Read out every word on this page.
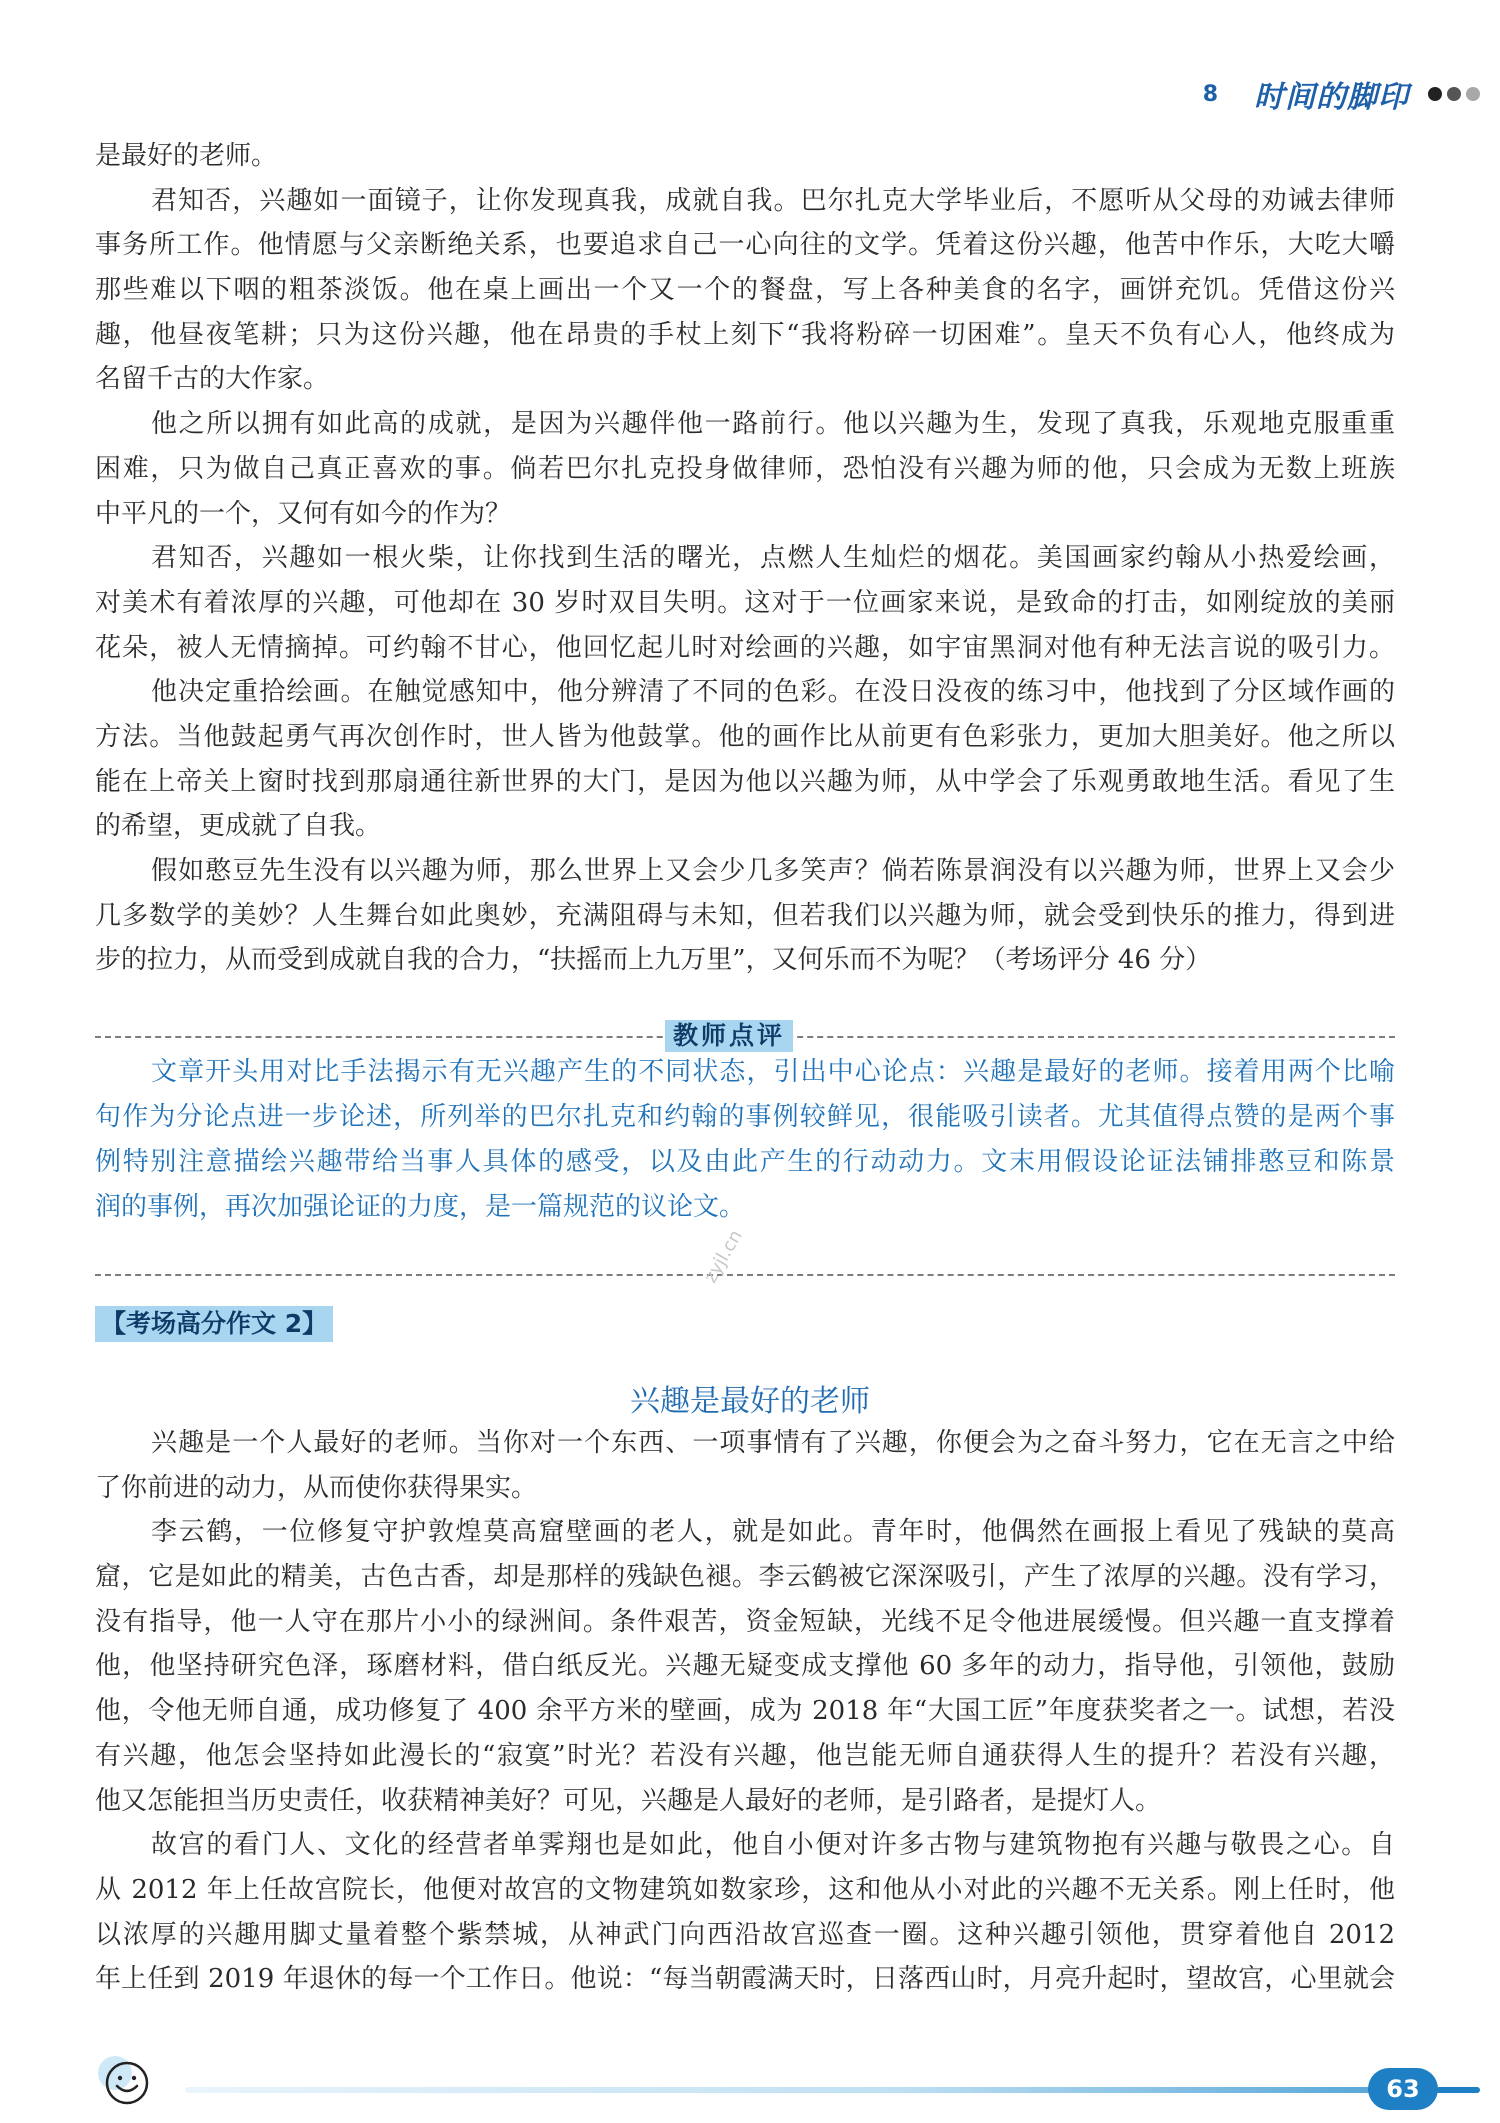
8 时间的脚印
是最好的老师。
君知否，兴趣如一面镜子，让你发现真我，成就自我。巴尔扎克大学毕业后，不愿听从父母的劝诫去律师
事务所工作。他情愿与父亲断绝关系，也要追求自己一心向往的文学。凭着这份兴趣，他苦中作乐，大吃大嚼
那些难以下咽的粗茶淡饭。他在桌上画出一个又一个的餐盘，写上各种美食的名字，画饼充饥。凭借这份兴
趣，他昼夜笔耕；只为这份兴趣，他在昂贵的手杖上刻下“我将粉碎一切困难”。皇天不负有心人，他终成为
名留千古的大作家。
他之所以拥有如此高的成就，是因为兴趣伴他一路前行。他以兴趣为生，发现了真我，乐观地克服重重
困难，只为做自己真正喜欢的事。倘若巴尔扎克投身做律师，恐怕没有兴趣为师的他，只会成为无数上班族
中平凡的一个，又何有如今的作为？
君知否，兴趣如一根火柴，让你找到生活的曙光，点燃人生灿烂的烟花。美国画家约翰从小热爱绘画，
对美术有着浓厚的兴趣，可他却在 30 岁时双目失明。这对于一位画家来说，是致命的打击，如刚绽放的美丽
花朵，被人无情摘掉。可约翰不甘心，他回忆起儿时对绘画的兴趣，如宇宙黑洞对他有种无法言说的吸引力。
他决定重拾绘画。在触觉感知中，他分辨清了不同的色彩。在没日没夜的练习中，他找到了分区域作画的
方法。当他鼓起勇气再次创作时，世人皆为他鼓掌。他的画作比从前更有色彩张力，更加大胆美好。他之所以
能在上帝关上窗时找到那扇通往新世界的大门，是因为他以兴趣为师，从中学会了乐观勇敢地生活。看见了生
的希望，更成就了自我。
假如憨豆先生没有以兴趣为师，那么世界上又会少几多笑声？倘若陈景润没有以兴趣为师，世界上又会少
几多数学的美妙？人生舞台如此奥妙，充满阻碍与未知，但若我们以兴趣为师，就会受到快乐的推力，得到进
步的拉力，从而受到成就自我的合力，“扶摇而上九万里”，又何乐而不为呢？（考场评分 46 分）
教师点评
文章开头用对比手法揭示有无兴趣产生的不同状态，引出中心论点：兴趣是最好的老师。接着用两个比喻
句作为分论点进一步论述，所列举的巴尔扎克和约翰的事例较鲜见，很能吸引读者。尤其值得点赞的是两个事
例特别注意描绘兴趣带给当事人具体的感受，以及由此产生的行动动力。文末用假设论证法铺排憨豆和陈景
润的事例，再次加强论证的力度，是一篇规范的议论文。
zyjl.cn
【考场高分作文 2】
兴趣是最好的老师
兴趣是一个人最好的老师。当你对一个东西、一项事情有了兴趣，你便会为之奋斗努力，它在无言之中给
了你前进的动力，从而使你获得果实。
李云鹤，一位修复守护敦煌莫高窟壁画的老人，就是如此。青年时，他偶然在画报上看见了残缺的莫高
窟，它是如此的精美，古色古香，却是那样的残缺色褪。李云鹤被它深深吸引，产生了浓厚的兴趣。没有学习，
没有指导，他一人守在那片小小的绿洲间。条件艰苦，资金短缺，光线不足令他进展缓慢。但兴趣一直支撑着
他，他坚持研究色泽，琢磨材料，借白纸反光。兴趣无疑变成支撑他 60 多年的动力，指导他，引领他，鼓励
他，令他无师自通，成功修复了 400 余平方米的壁画，成为 2018 年“大国工匠”年度获奖者之一。试想，若没
有兴趣，他怎会坚持如此漫长的“寂寞”时光？若没有兴趣，他岂能无师自通获得人生的提升？若没有兴趣，
他又怎能担当历史责任，收获精神美好？可见，兴趣是人最好的老师，是引路者，是提灯人。
故宫的看门人、文化的经营者单霁翔也是如此，他自小便对许多古物与建筑物抱有兴趣与敬畏之心。自
从 2012 年上任故宫院长，他便对故宫的文物建筑如数家珍，这和他从小对此的兴趣不无关系。刚上任时，他
以浓厚的兴趣用脚丈量着整个紫禁城，从神武门向西沿故宫巡查一圈。这种兴趣引领他，贯穿着他自 2012
年上任到 2019 年退休的每一个工作日。他说：“每当朝霞满天时，日落西山时，月亮升起时，望故宫，心里就会
63
